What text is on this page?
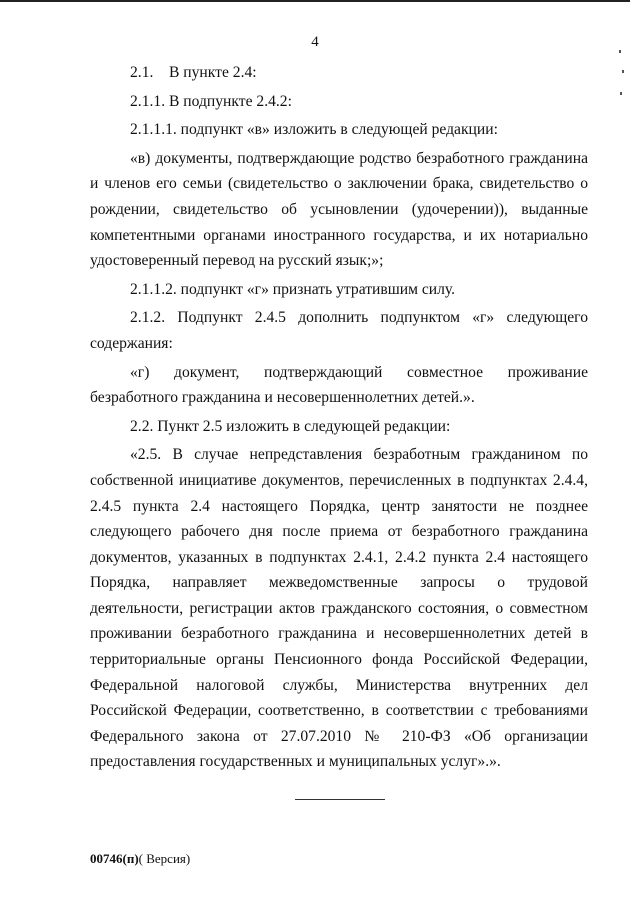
4

2.1. В пункте 2.4:

2.1.1. В подпункте 2.4.2:

2.1.1.1. подпункт «в» изложить в следующей редакции:

«в) документы, подтверждающие родство безработного гражданина и членов его семьи (свидетельство о заключении брака, свидетельство о рождении, свидетельство об усыновлении (удочерении)), выданные компетентными органами иностранного государства, и их нотариально удостоверенный перевод на русский язык;»;

2.1.1.2. подпункт «г» признать утратившим силу.

2.1.2. Подпункт 2.4.5 дополнить подпунктом «г» следующего содержания:

«г) документ, подтверждающий совместное проживание безработного гражданина и несовершеннолетних детей.».

2.2. Пункт 2.5 изложить в следующей редакции:

«2.5. В случае непредставления безработным гражданином по собственной инициативе документов, перечисленных в подпунктах 2.4.4, 2.4.5 пункта 2.4 настоящего Порядка, центр занятости не позднее следующего рабочего дня после приема от безработного гражданина документов, указанных в подпунктах 2.4.1, 2.4.2 пункта 2.4 настоящего Порядка, направляет межведомственные запросы о трудовой деятельности, регистрации актов гражданского состояния, о совместном проживании безработного гражданина и несовершеннолетних детей в территориальные органы Пенсионного фонда Российской Федерации, Федеральной налоговой службы, Министерства внутренних дел Российской Федерации, соответственно, в соответствии с требованиями Федерального закона от 27.07.2010 № 210-ФЗ «Об организации предоставления государственных и муниципальных услуг».».

00746(п)( Версия)
